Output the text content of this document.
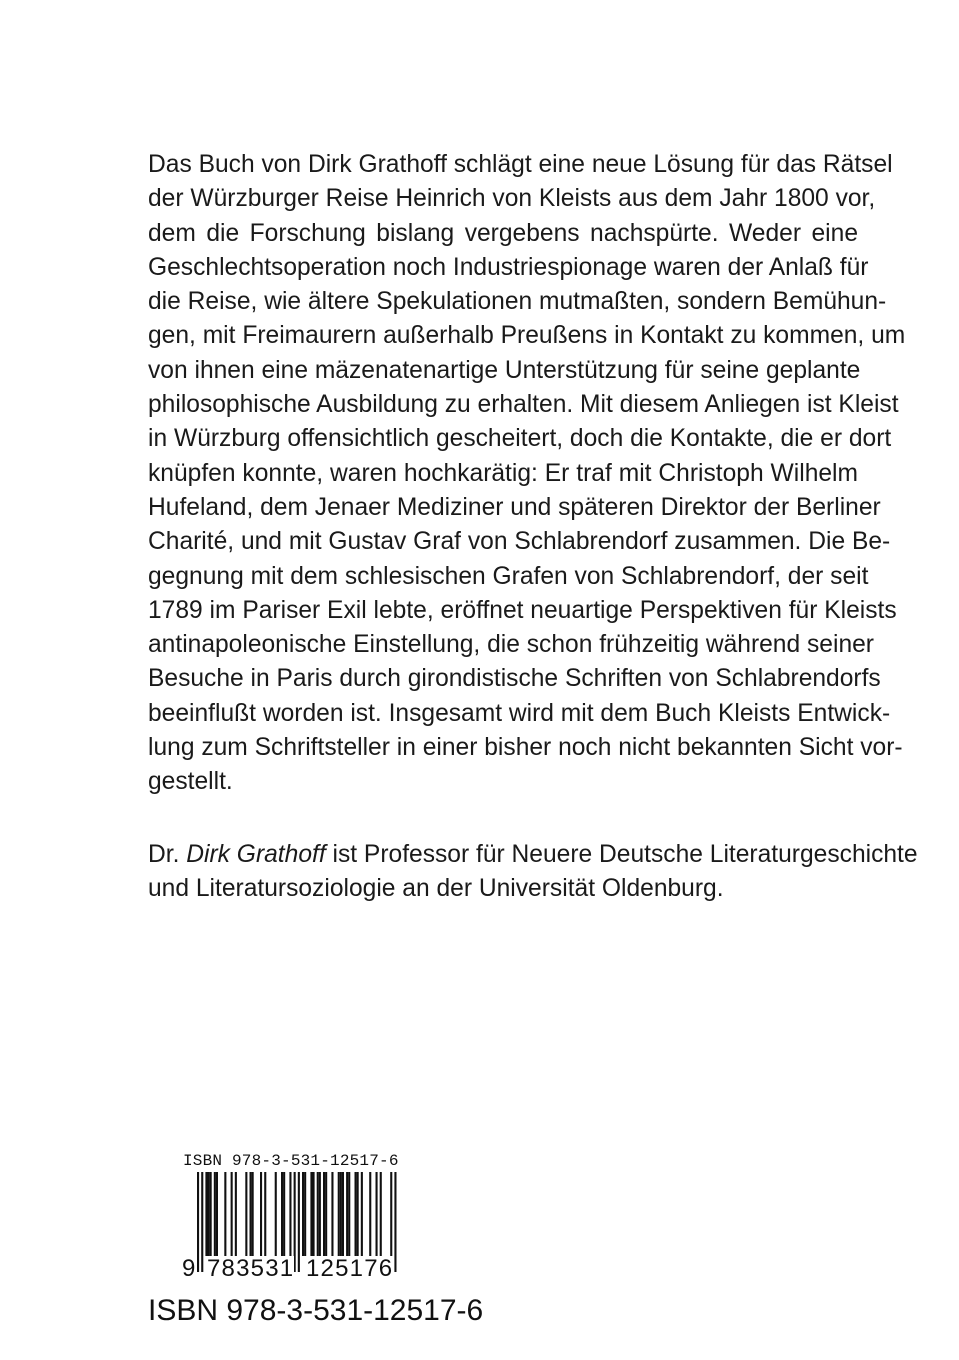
Das Buch von Dirk Grathoff schlägt eine neue Lösung für das Rätsel
der Würzburger Reise Heinrich von Kleists aus dem Jahr 1800 vor,
dem die Forschung bislang vergebens nachspürte. Weder eine
Geschlechtsoperation noch Industriespionage waren der Anlaß für
die Reise, wie ältere Spekulationen mutmaßten, sondern Bemühun-
gen, mit Freimaurern außerhalb Preußens in Kontakt zu kommen, um
von ihnen eine mäzenatenartige Unterstützung für seine geplante
philosophische Ausbildung zu erhalten. Mit diesem Anliegen ist Kleist
in Würzburg offensichtlich gescheitert, doch die Kontakte, die er dort
knüpfen konnte, waren hochkarätig: Er traf mit Christoph Wilhelm
Hufeland, dem Jenaer Mediziner und späteren Direktor der Berliner
Charité, und mit Gustav Graf von Schlabrendorf zusammen. Die Be-
gegnung mit dem schlesischen Grafen von Schlabrendorf, der seit
1789 im Pariser Exil lebte, eröffnet neuartige Perspektiven für Kleists
antinapoleonische Einstellung, die schon frühzeitig während seiner
Besuche in Paris durch girondistische Schriften von Schlabrendorfs
beeinflußt worden ist. Insgesamt wird mit dem Buch Kleists Entwick-
lung zum Schriftsteller in einer bisher noch nicht bekannten Sicht vor-
gestellt.
Dr. Dirk Grathoff ist Professor für Neuere Deutsche Literaturgeschichte
und Literatursoziologie an der Universität Oldenburg.
ISBN 978-3-531-12517-6
9 783531 125176
ISBN 978-3-531-12517-6
